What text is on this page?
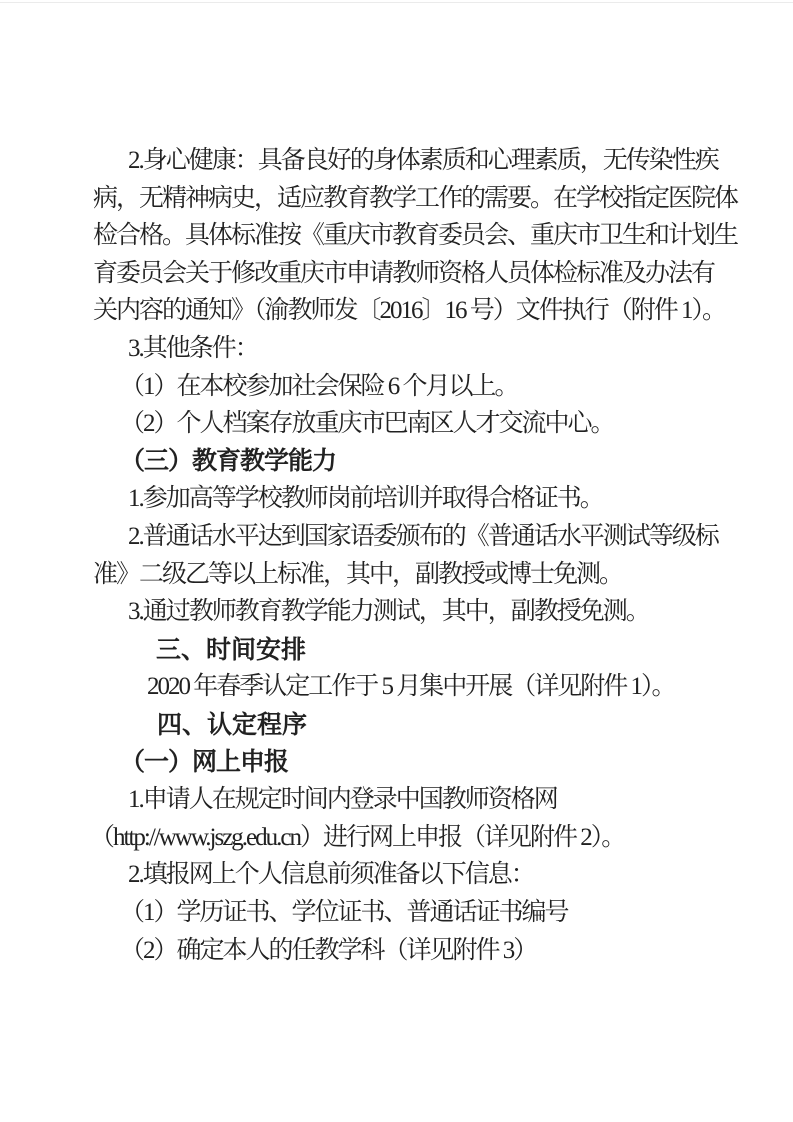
2.身心健康：具备良好的身体素质和心理素质，无传染性疾
病，无精神病史，适应教育教学工作的需要。在学校指定医院体
检合格。具体标准按《重庆市教育委员会、重庆市卫生和计划生
育委员会关于修改重庆市申请教师资格人员体检标准及办法有
关内容的通知》（渝教师发〔2016〕16 号）文件执行（附件 1）。
3.其他条件：
（1）在本校参加社会保险 6 个月以上。
（2）个人档案存放重庆市巴南区人才交流中心。
（三）教育教学能力
1.参加高等学校教师岗前培训并取得合格证书。
2.普通话水平达到国家语委颁布的《普通话水平测试等级标
准》二级乙等以上标准，其中，副教授或博士免测。
3.通过教师教育教学能力测试，其中，副教授免测。
三、时间安排
2020 年春季认定工作于 5 月集中开展（详见附件 1）。
四、认定程序
（一）网上申报
1.申请人在规定时间内登录中国教师资格网
（http://www.jszg.edu.cn）进行网上申报（详见附件 2）。
2.填报网上个人信息前须准备以下信息：
（1）学历证书、学位证书、普通话证书编号
（2）确定本人的任教学科（详见附件 3）
